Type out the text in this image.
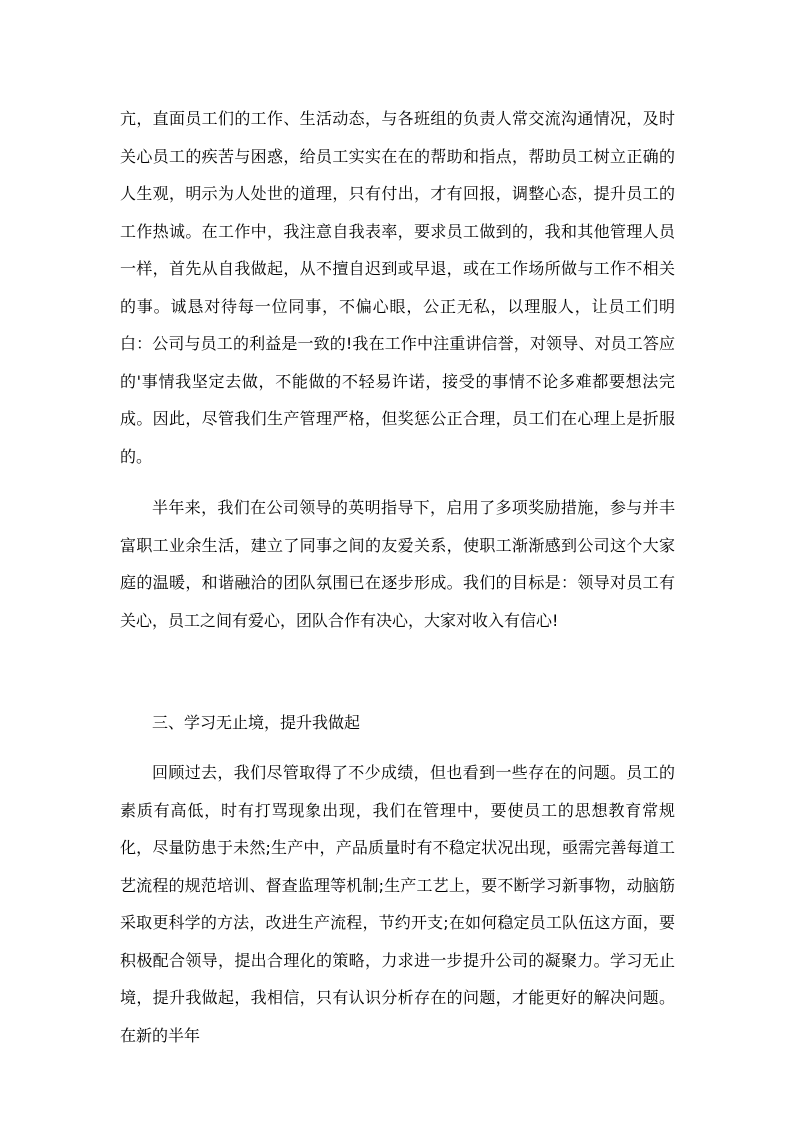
亢，直面员工们的工作、生活动态，与各班组的负责人常交流沟通情况，及时关心员工的疾苦与困惑，给员工实实在在的帮助和指点，帮助员工树立正确的人生观，明示为人处世的道理，只有付出，才有回报，调整心态，提升员工的工作热诚。在工作中，我注意自我表率，要求员工做到的，我和其他管理人员一样，首先从自我做起，从不擅自迟到或早退，或在工作场所做与工作不相关的事。诚恳对待每一位同事，不偏心眼，公正无私，以理服人，让员工们明白：公司与员工的利益是一致的!我在工作中注重讲信誉，对领导、对员工答应的'事情我坚定去做，不能做的不轻易许诺，接受的事情不论多难都要想法完成。因此，尽管我们生产管理严格，但奖惩公正合理，员工们在心理上是折服的。

半年来，我们在公司领导的英明指导下，启用了多项奖励措施，参与并丰富职工业余生活，建立了同事之间的友爱关系，使职工渐渐感到公司这个大家庭的温暖，和谐融洽的团队氛围已在逐步形成。我们的目标是：领导对员工有关心，员工之间有爱心，团队合作有决心，大家对收入有信心!

三、学习无止境，提升我做起

回顾过去，我们尽管取得了不少成绩，但也看到一些存在的问题。员工的素质有高低，时有打骂现象出现，我们在管理中，要使员工的思想教育常规化，尽量防患于未然;生产中，产品质量时有不稳定状况出现，亟需完善每道工艺流程的规范培训、督查监理等机制;生产工艺上，要不断学习新事物，动脑筋采取更科学的方法，改进生产流程，节约开支;在如何稳定员工队伍这方面，要积极配合领导，提出合理化的策略，力求进一步提升公司的凝聚力。学习无止境，提升我做起，我相信，只有认识分析存在的问题，才能更好的解决问题。在新的半年
